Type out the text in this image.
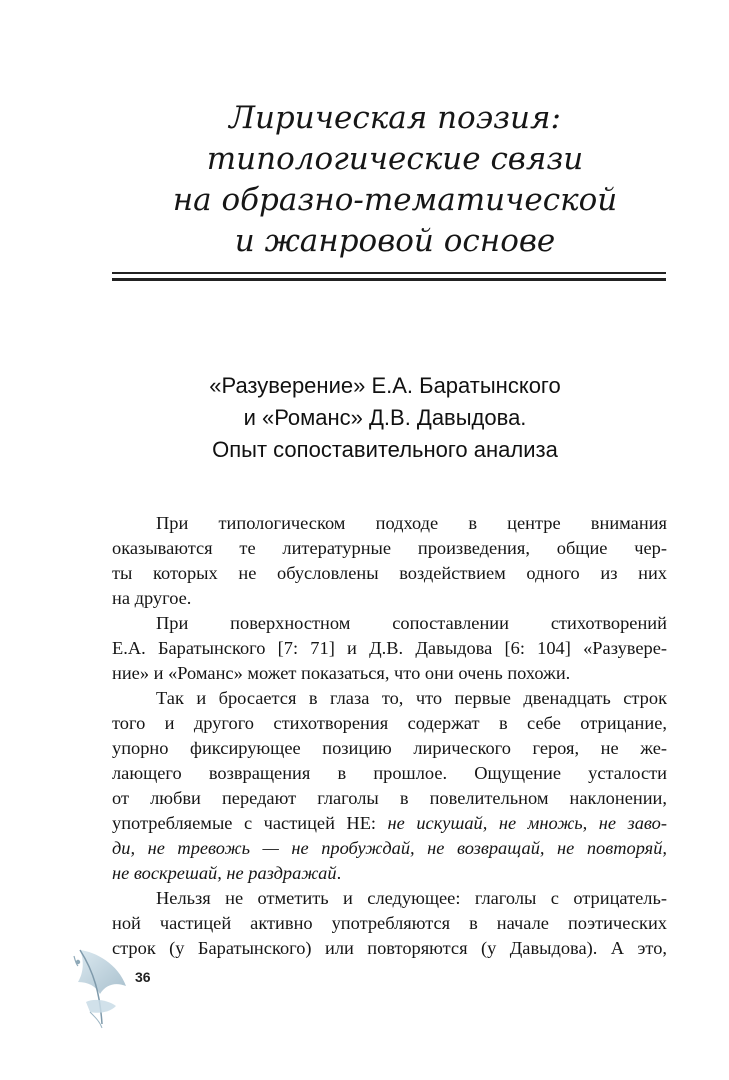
Лирическая поэзия:
типологические связи
на образно-тематической
и жанровой основе
«Разуверение» Е.А. Баратынского
и «Романс» Д.В. Давыдова.
Опыт сопоставительного анализа

При типологическом подходе в центре внимания
оказываются те литературные произведения, общие чер-
ты которых не обусловлены воздействием одного из них
на другое.

При поверхностном сопоставлении стихотворений
Е.А. Баратынского [7: 71] и Д.В. Давыдова [6: 104] «Разувере-
ние» и «Романс» может показаться, что они очень похожи.

Так и бросается в глаза то, что первые двенадцать строк
того и другого стихотворения содержат в себе отрицание,
упорно фиксирующее позицию лирического героя, не же-
лающего возвращения в прошлое. Ощущение усталости
от любви передают глаголы в повелительном наклонении,
употребляемые с частицей НЕ: не искушай, не множь, не заво-
ди, не тревожь — не пробуждай, не возвращай, не повторяй,
не воскрешай, не раздражай.

Нельзя не отметить и следующее: глаголы с отрицатель-
ной частицей активно употребляются в начале поэтических
строк (у Баратынского) или повторяются (у Давыдова). А это,

36
